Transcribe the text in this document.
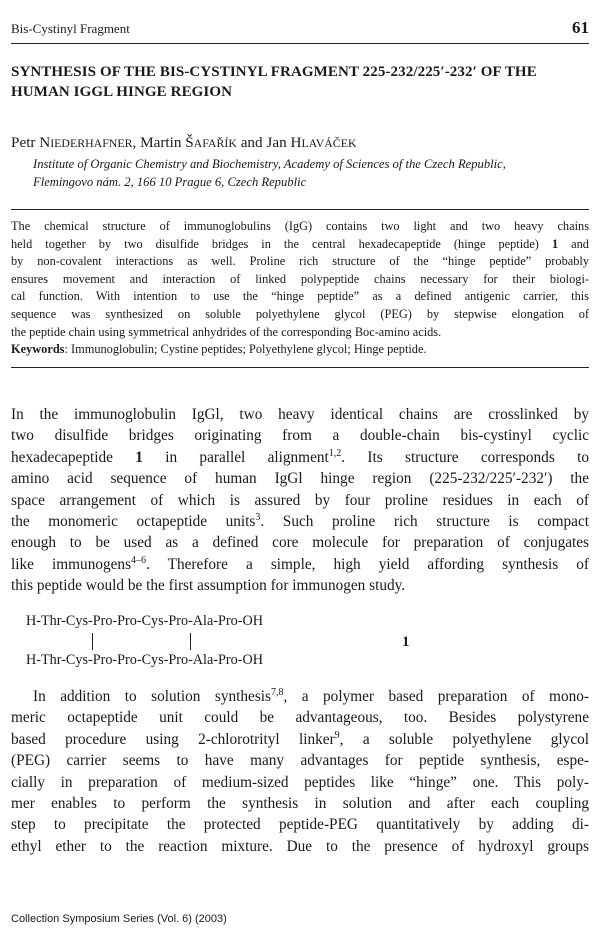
Bis-Cystinyl Fragment	61
SYNTHESIS OF THE BIS-CYSTINYL FRAGMENT 225-232/225′-232′ OF THE HUMAN IGGL HINGE REGION
Petr NIEDERHAFNER, Martin ŠAFAŘÍK and Jan HLAVÁČEK
Institute of Organic Chemistry and Biochemistry, Academy of Sciences of the Czech Republic,
Flemingovo nám. 2, 166 10 Prague 6, Czech Republic
The chemical structure of immunoglobulins (IgG) contains two light and two heavy chains
held together by two disulfide bridges in the central hexadecapeptide (hinge peptide) 1 and
by non-covalent interactions as well. Proline rich structure of the “hinge peptide” probably
ensures movement and interaction of linked polypeptide chains necessary for their biologi-
cal function. With intention to use the “hinge peptide” as a defined antigenic carrier, this
sequence was synthesized on soluble polyethylene glycol (PEG) by stepwise elongation of
the peptide chain using symmetrical anhydrides of the corresponding Boc-amino acids.
Keywords: Immunoglobulin; Cystine peptides; Polyethylene glycol; Hinge peptide.
In the immunoglobulin IgGl, two heavy identical chains are crosslinked by
two disulfide bridges originating from a double-chain bis-cystinyl cyclic
hexadecapeptide 1 in parallel alignment$^{1,2}$. Its structure corresponds to
amino acid sequence of human IgGl hinge region (225-232/225′-232′) the
space arrangement of which is assured by four proline residues in each of
the monomeric octapeptide units$^3$. Such proline rich structure is compact
enough to be used as a defined core molecule for preparation of conjugates
like immunogens$^{4-6}$. Therefore a simple, high yield affording synthesis of
this peptide would be the first assumption for immunogen study.
H-Thr-Cys-Pro-Pro-Cys-Pro-Ala-Pro-OH
H-Thr-Cys-Pro-Pro-Cys-Pro-Ala-Pro-OH
1
In addition to solution synthesis$^{7,8}$, a polymer based preparation of mono-
meric octapeptide unit could be advantageous, too. Besides polystyrene
based procedure using 2-chlorotrityl linker$^9$, a soluble polyethylene glycol
(PEG) carrier seems to have many advantages for peptide synthesis, espe-
cially in preparation of medium-sized peptides like “hinge” one. This poly-
mer enables to perform the synthesis in solution and after each coupling
step to precipitate the protected peptide-PEG quantitatively by adding di-
ethyl ether to the reaction mixture. Due to the presence of hydroxyl groups
Collection Symposium Series (Vol. 6) (2003)
